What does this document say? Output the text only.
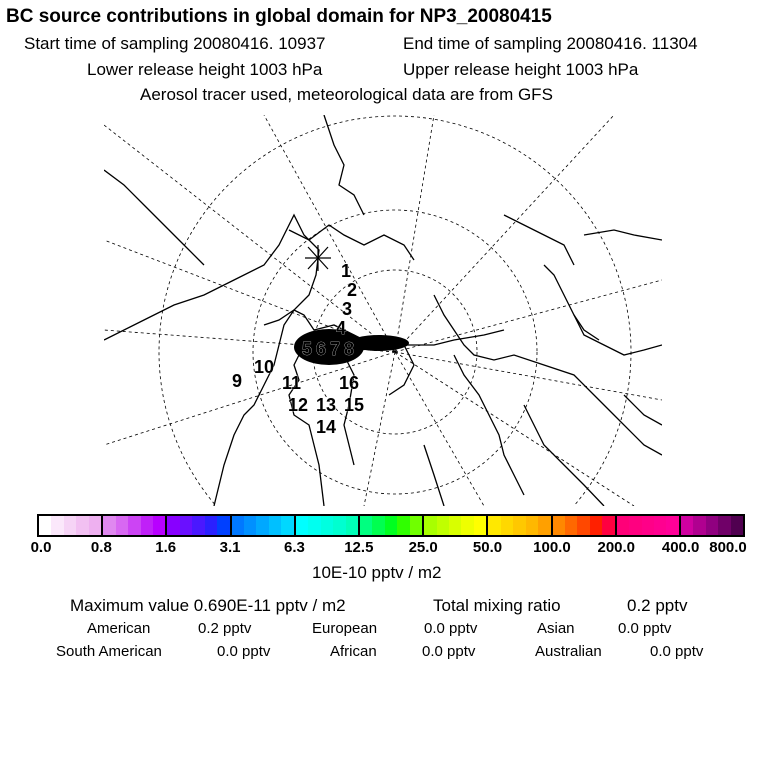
BC source contributions in global domain for NP3_20080415
Start time of sampling 20080416. 10937	End time of sampling 20080416. 11304
Lower release height 1003 hPa	Upper release height 1003 hPa
Aerosol tracer used, meteorological data are from GFS
1
2
3
4
5 6 7 8
9
10
11
12 13
14
15
16
0.0	0.8	1.6	3.1	6.3	12.5 25.0 50.0 100.0 200.0 400.0 800.0
10E-10 pptv / m2
Maximum value 0.690E-11 pptv / m2	Total mixing ratio	0.2 pptv
American	0.2 pptv	European	0.0 pptv	Asian	0.0 pptv
South American	0.0 pptv	African	0.0 pptv	Australian	0.0 pptv
